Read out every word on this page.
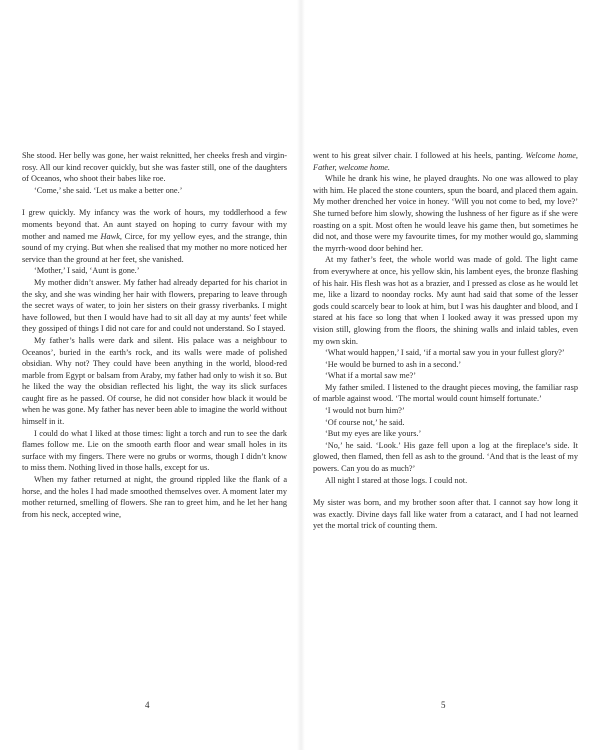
She stood. Her belly was gone, her waist reknitted, her cheeks fresh and virgin-rosy. All our kind recover quickly, but she was faster still, one of the daughters of Oceanos, who shoot their babes like roe.

‘Come,’ she said. ‘Let us make a better one.’

I grew quickly. My infancy was the work of hours, my toddlerhood a few moments beyond that. An aunt stayed on hoping to curry favour with my mother and named me Hawk, Circe, for my yellow eyes, and the strange, thin sound of my crying. But when she realised that my mother no more noticed her service than the ground at her feet, she vanished.

‘Mother,’ I said, ‘Aunt is gone.’

My mother didn’t answer. My father had already departed for his chariot in the sky, and she was winding her hair with flowers, preparing to leave through the secret ways of water, to join her sisters on their grassy riverbanks. I might have followed, but then I would have had to sit all day at my aunts’ feet while they gossiped of things I did not care for and could not understand. So I stayed.

My father’s halls were dark and silent. His palace was a neighbour to Oceanos’, buried in the earth’s rock, and its walls were made of polished obsidian. Why not? They could have been anything in the world, blood-red marble from Egypt or balsam from Araby, my father had only to wish it so. But he liked the way the obsidian reflected his light, the way its slick surfaces caught fire as he passed. Of course, he did not consider how black it would be when he was gone. My father has never been able to imagine the world without himself in it.

I could do what I liked at those times: light a torch and run to see the dark flames follow me. Lie on the smooth earth floor and wear small holes in its surface with my fingers. There were no grubs or worms, though I didn’t know to miss them. Nothing lived in those halls, except for us.

When my father returned at night, the ground rippled like the flank of a horse, and the holes I had made smoothed themselves over. A moment later my mother returned, smelling of flowers. She ran to greet him, and he let her hang from his neck, accepted wine,

4

went to his great silver chair. I followed at his heels, panting. Welcome home, Father, welcome home.

While he drank his wine, he played draughts. No one was allowed to play with him. He placed the stone counters, spun the board, and placed them again. My mother drenched her voice in honey. ‘Will you not come to bed, my love?’ She turned before him slowly, showing the lushness of her figure as if she were roasting on a spit. Most often he would leave his game then, but sometimes he did not, and those were my favourite times, for my mother would go, slamming the myrrh-wood door behind her.

At my father’s feet, the whole world was made of gold. The light came from everywhere at once, his yellow skin, his lambent eyes, the bronze flashing of his hair. His flesh was hot as a brazier, and I pressed as close as he would let me, like a lizard to noonday rocks. My aunt had said that some of the lesser gods could scarcely bear to look at him, but I was his daughter and blood, and I stared at his face so long that when I looked away it was pressed upon my vision still, glowing from the floors, the shining walls and inlaid tables, even my own skin.

‘What would happen,’ I said, ‘if a mortal saw you in your fullest glory?’

‘He would be burned to ash in a second.’

‘What if a mortal saw me?’

My father smiled. I listened to the draught pieces moving, the familiar rasp of marble against wood. ‘The mortal would count himself fortunate.’

‘I would not burn him?’

‘Of course not,’ he said.

‘But my eyes are like yours.’

‘No,’ he said. ‘Look.’ His gaze fell upon a log at the fireplace’s side. It glowed, then flamed, then fell as ash to the ground. ‘And that is the least of my powers. Can you do as much?’

All night I stared at those logs. I could not.

My sister was born, and my brother soon after that. I cannot say how long it was exactly. Divine days fall like water from a cataract, and I had not learned yet the mortal trick of counting them.

5
